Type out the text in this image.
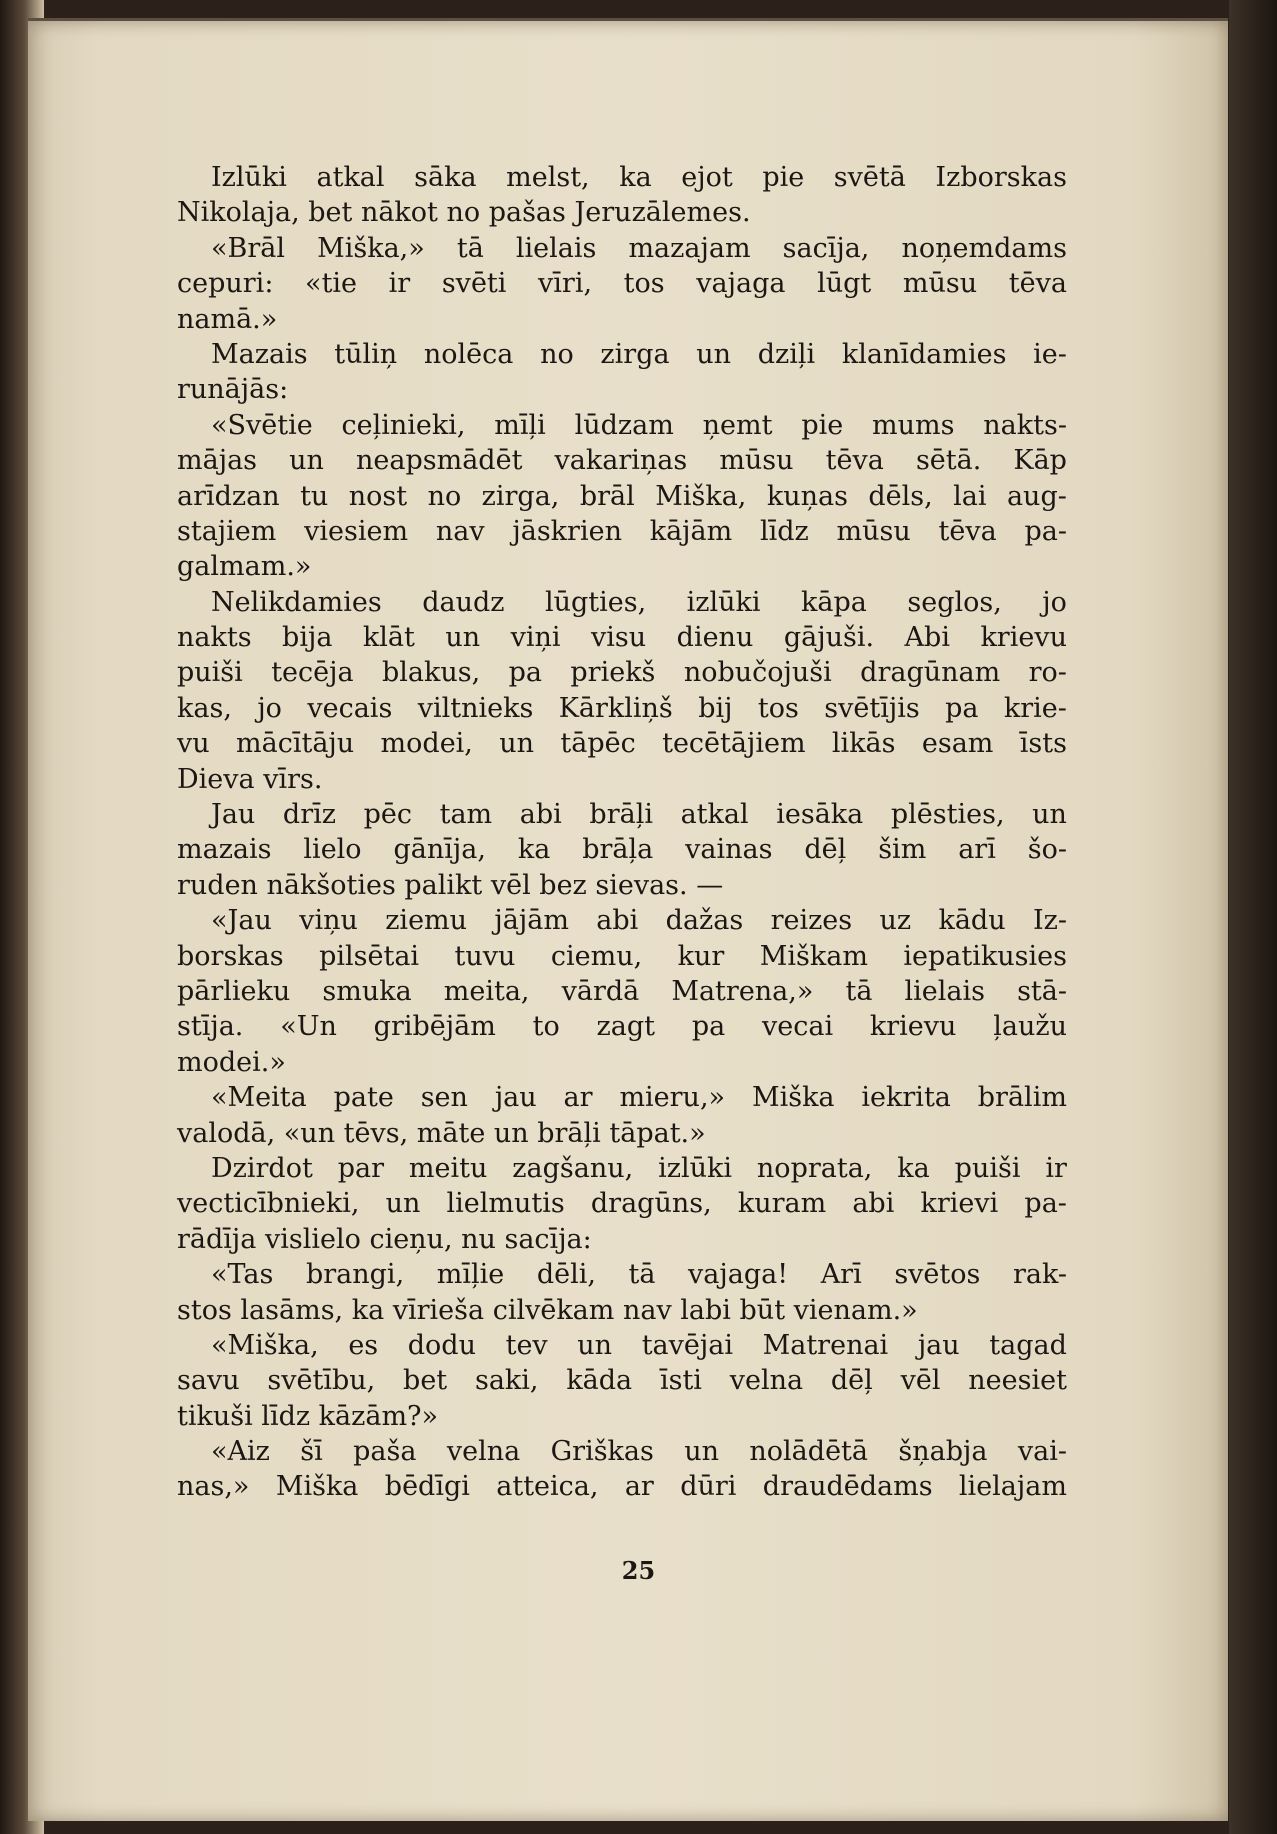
Izlūki atkal sāka melst, ka ejot pie svētā Izborskas
Nikolaja, bet nākot no pašas Jeruzālemes.
«Brāl Miška,» tā lielais mazajam sacīja, noņemdams
cepuri: «tie ir svēti vīri, tos vajaga lūgt mūsu tēva
namā.»
Mazais tūliņ nolēca no zirga un dziļi klanīdamies ie-
runājās:
«Svētie ceļinieki, mīļi lūdzam ņemt pie mums nakts-
mājas un neapsmādēt vakariņas mūsu tēva sētā. Kāp
arīdzan tu nost no zirga, brāl Miška, kuņas dēls, lai aug-
stajiem viesiem nav jāskrien kājām līdz mūsu tēva pa-
galmam.»
Nelikdamies daudz lūgties, izlūki kāpa seglos, jo
nakts bija klāt un viņi visu dienu gājuši. Abi krievu
puiši tecēja blakus, pa priekš nobučojuši dragūnam ro-
kas, jo vecais viltnieks Kārkliņš bij tos svētījis pa krie-
vu mācītāju modei, un tāpēc tecētājiem likās esam īsts
Dieva vīrs.
Jau drīz pēc tam abi brāļi atkal iesāka plēsties, un
mazais lielo gānīja, ka brāļa vainas dēļ šim arī šo-
ruden nākšoties palikt vēl bez sievas. —
«Jau viņu ziemu jājām abi dažas reizes uz kādu Iz-
borskas pilsētai tuvu ciemu, kur Miškam iepatikusies
pārlieku smuka meita, vārdā Matrena,» tā lielais stā-
stīja. «Un gribējām to zagt pa vecai krievu ļaužu
modei.»
«Meita pate sen jau ar mieru,» Miška iekrita brālim
valodā, «un tēvs, māte un brāļi tāpat.»
Dzirdot par meitu zagšanu, izlūki noprata, ka puiši ir
vecticībnieki, un lielmutis dragūns, kuram abi krievi pa-
rādīja vislielo cieņu, nu sacīja:
«Tas brangi, mīļie dēli, tā vajaga! Arī svētos rak-
stos lasāms, ka vīrieša cilvēkam nav labi būt vienam.»
«Miška, es dodu tev un tavējai Matrenai jau tagad
savu svētību, bet saki, kāda īsti velna dēļ vēl neesiet
tikuši līdz kāzām?»
«Aiz šī paša velna Griškas un nolādētā šņabja vai-
nas,» Miška bēdīgi atteica, ar dūri draudēdams lielajam
25
